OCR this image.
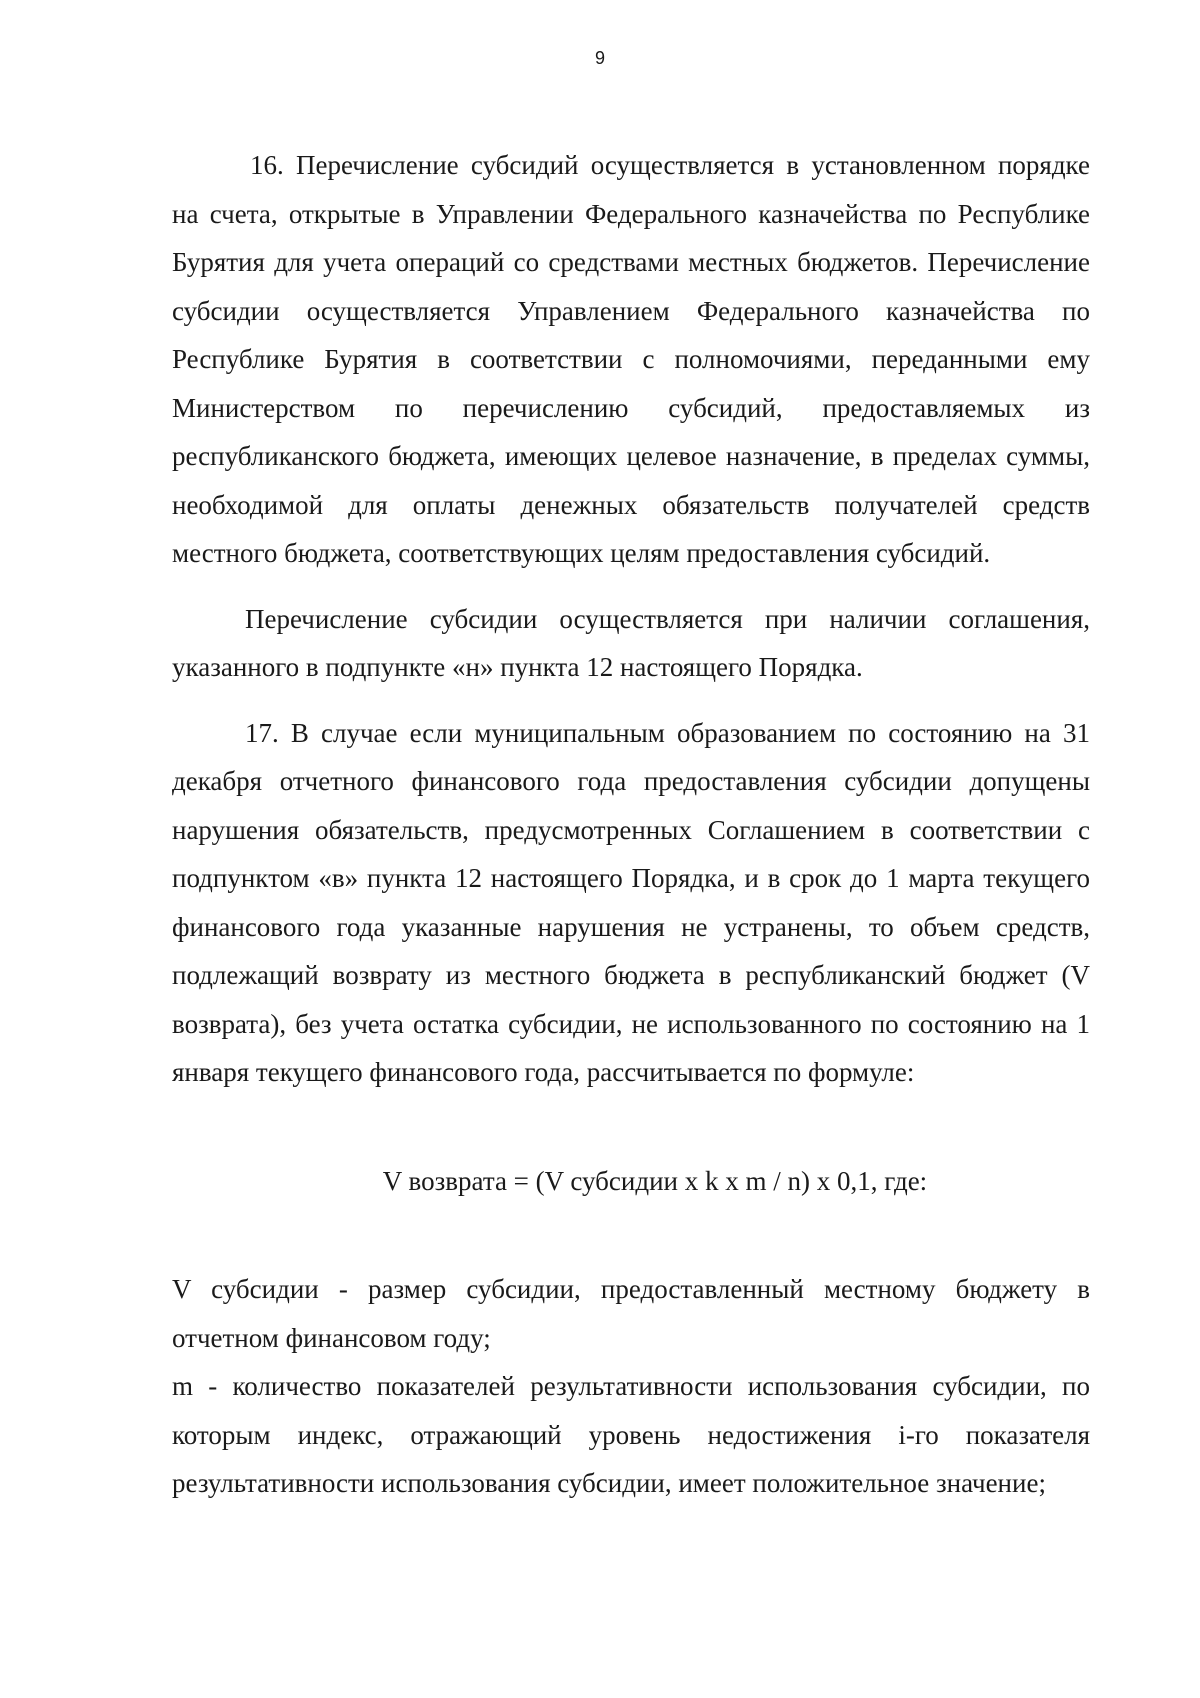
9

16. Перечисление субсидий осуществляется в установленном порядке на счета, открытые в Управлении Федерального казначейства по Республике Бурятия для учета операций со средствами местных бюджетов. Перечисление субсидии осуществляется Управлением Федерального казначейства по Республике Бурятия в соответствии с полномочиями, переданными ему Министерством по перечислению субсидий, предоставляемых из республиканского бюджета, имеющих целевое назначение, в пределах суммы, необходимой для оплаты денежных обязательств получателей средств местного бюджета, соответствующих целям предоставления субсидий.

Перечисление субсидии осуществляется при наличии соглашения, указанного в подпункте «н» пункта 12 настоящего Порядка.

17. В случае если муниципальным образованием по состоянию на 31 декабря отчетного финансового года предоставления субсидии допущены нарушения обязательств, предусмотренных Соглашением в соответствии с подпунктом «в» пункта 12 настоящего Порядка, и в срок до 1 марта текущего финансового года указанные нарушения не устранены, то объем средств, подлежащий возврату из местного бюджета в республиканский бюджет (V возврата), без учета остатка субсидии, не использованного по состоянию на 1 января текущего финансового года, рассчитывается по формуле:

V возврата = (V субсидии x k x m / n) x 0,1, где:

V субсидии - размер субсидии, предоставленный местному бюджету в отчетном финансовом году;

m - количество показателей результативности использования субсидии, по которым индекс, отражающий уровень недостижения i-го показателя результативности использования субсидии, имеет положительное значение;
